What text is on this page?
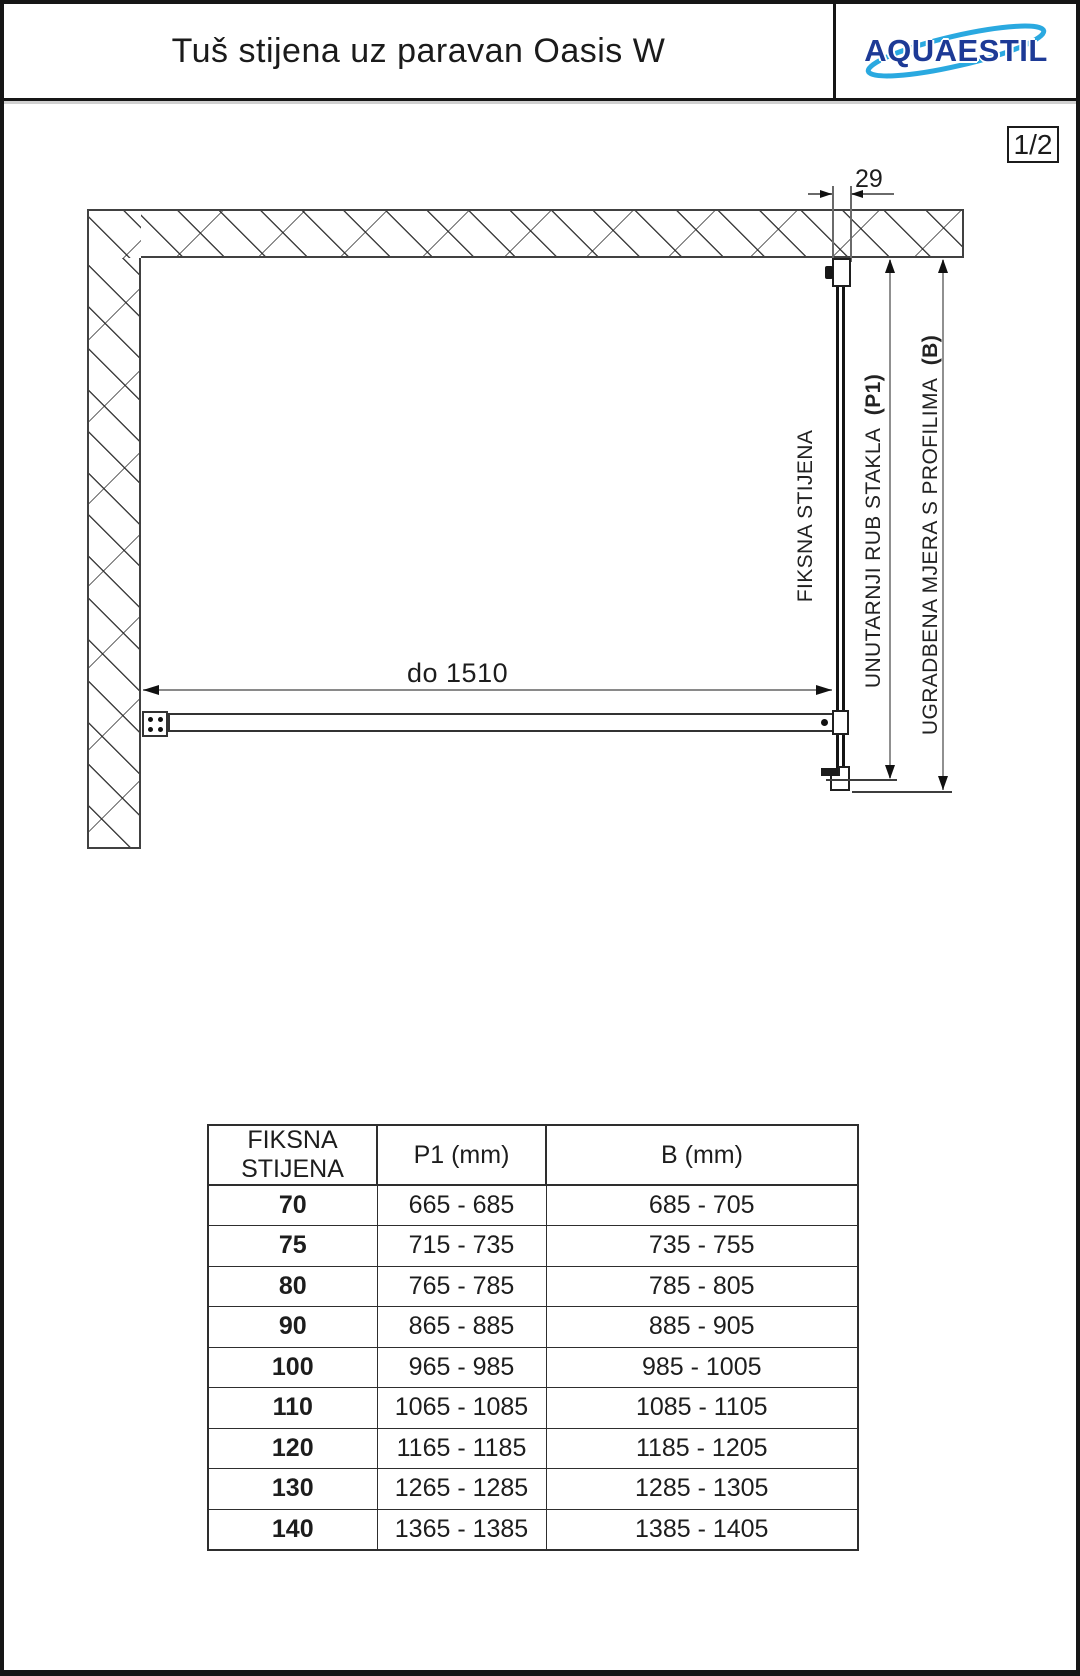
Tuš stijena uz paravan Oasis W	AQUAESTIL
1/2
29
do 1510
FIKSNA STIJENA UNUTARNJI RUB STAKLA  (P1) UGRADBENA MJERA S PROFILIMA  (B)
FIKSNA STIJENA	P1 (mm)	B (mm)
70	665 - 685	685 - 705
75	715 - 735	735 - 755
80	765 - 785	785 - 805
90	865 - 885	885 - 905
100	965 - 985	985 - 1005
110	1065 - 1085	1085 - 1105
120	1165 - 1185	1185 - 1205
130	1265 - 1285	1285 - 1305
140	1365 - 1385	1385 - 1405
